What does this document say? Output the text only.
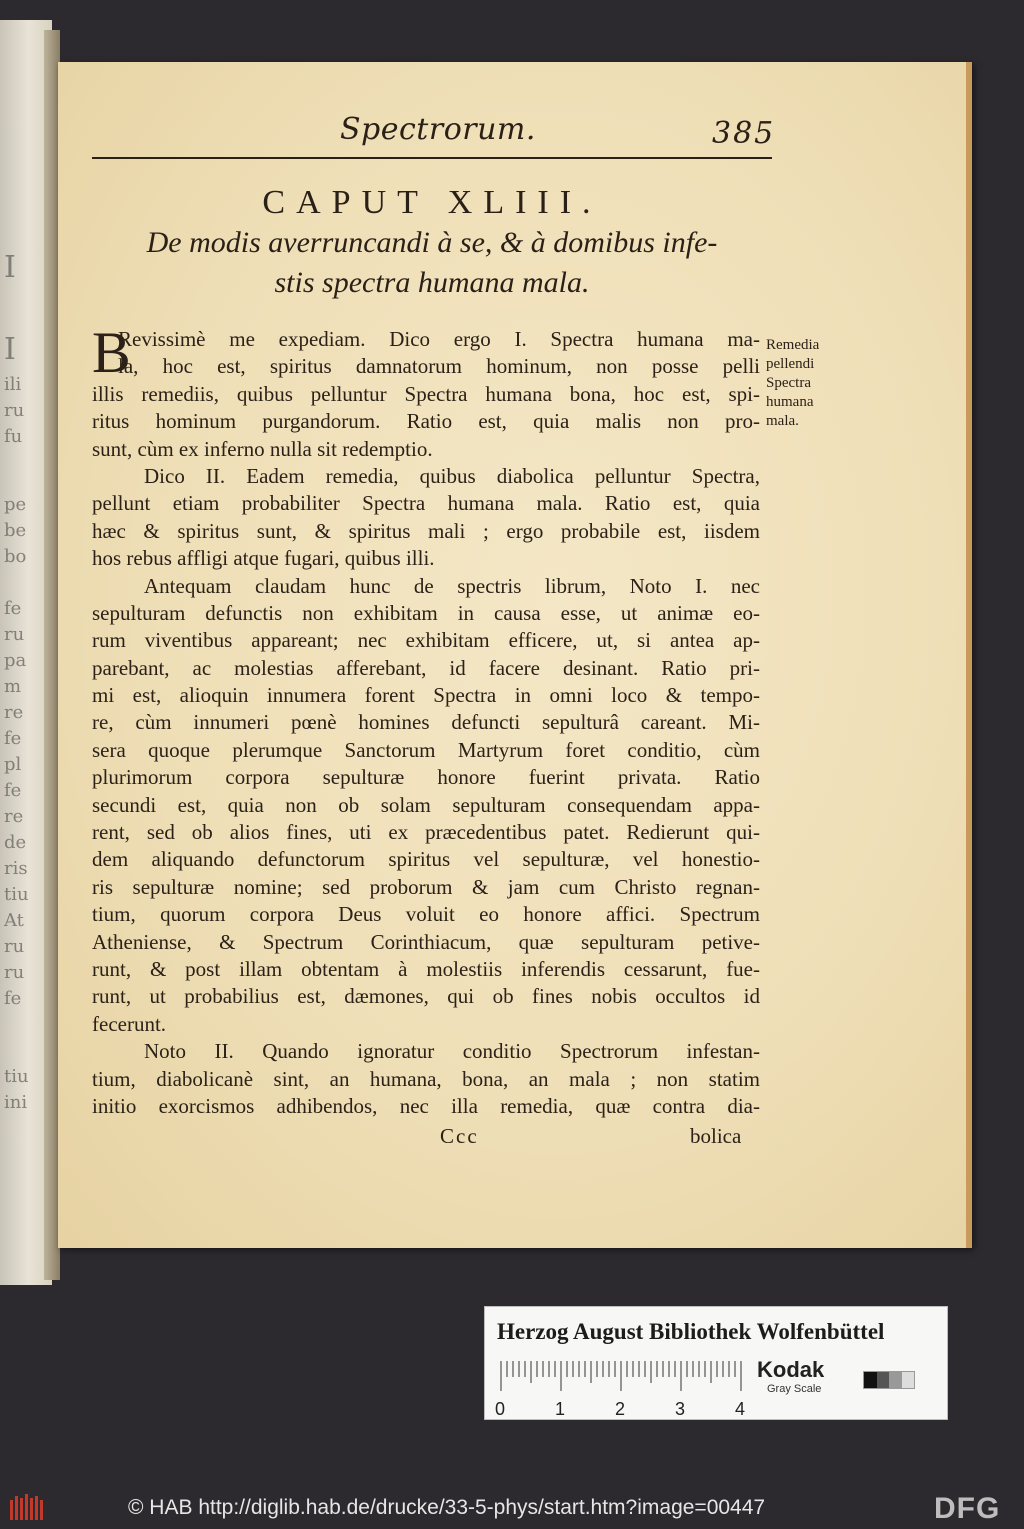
I
I
ili
ru
fu
pe
be
bo
fe
ru
pa
m
re
fe
pl
fe
re
de
ris
tiu
At
ru
ru
fe
tiu
ini
Spectrorum.	385
CAPUT XLIII.
De modis averruncandi à se, & à domibus infe-
stis spectra humana mala.
B
Revissimè me expediam. Dico ergo I. Spectra humana ma-
la, hoc est, spiritus damnatorum hominum, non posse pelli
illis remediis, quibus pelluntur Spectra humana bona, hoc est, spi-
ritus hominum purgandorum. Ratio est, quia malis non pro-
sunt, cùm ex inferno nulla sit redemptio.
Dico II. Eadem remedia, quibus diabolica pelluntur Spectra,
pellunt etiam probabiliter Spectra humana mala. Ratio est, quia
hæc & spiritus sunt, & spiritus mali ; ergo probabile est, iisdem
hos rebus affligi atque fugari, quibus illi.
Antequam claudam hunc de spectris librum, Noto I. nec
sepulturam defunctis non exhibitam in causa esse, ut animæ eo-
rum viventibus appareant; nec exhibitam efficere, ut, si antea ap-
parebant, ac molestias afferebant, id facere desinant. Ratio pri-
mi est, alioquin innumera forent Spectra in omni loco & tempo-
re, cùm innumeri pœnè homines defuncti sepulturâ careant. Mi-
sera quoque plerumque Sanctorum Martyrum foret conditio, cùm
plurimorum corpora sepulturæ honore fuerint privata. Ratio
secundi est, quia non ob solam sepulturam consequendam appa-
rent, sed ob alios fines, uti ex præcedentibus patet. Redierunt qui-
dem aliquando defunctorum spiritus vel sepulturæ, vel honestio-
ris sepulturæ nomine; sed proborum & jam cum Christo regnan-
tium, quorum corpora Deus voluit eo honore affici. Spectrum
Atheniense, & Spectrum Corinthiacum, quæ sepulturam petive-
runt, & post illam obtentam à molestiis inferendis cessarunt, fue-
runt, ut probabilius est, dæmones, qui ob fines nobis occultos id
fecerunt.
Noto II. Quando ignoratur conditio Spectrorum infestan-
tium, diabolicanè sint, an humana, bona, an mala ; non statim
initio exorcismos adhibendos, nec illa remedia, quæ contra dia-
Remedia
pellendi
Spectra
humana
mala.
Ccc	bolica
Herzog August Bibliothek Wolfenbüttel
0	1	2	3	4
Kodak
Gray Scale
© HAB http://diglib.hab.de/drucke/33-5-phys/start.htm?image=00447	DFG
